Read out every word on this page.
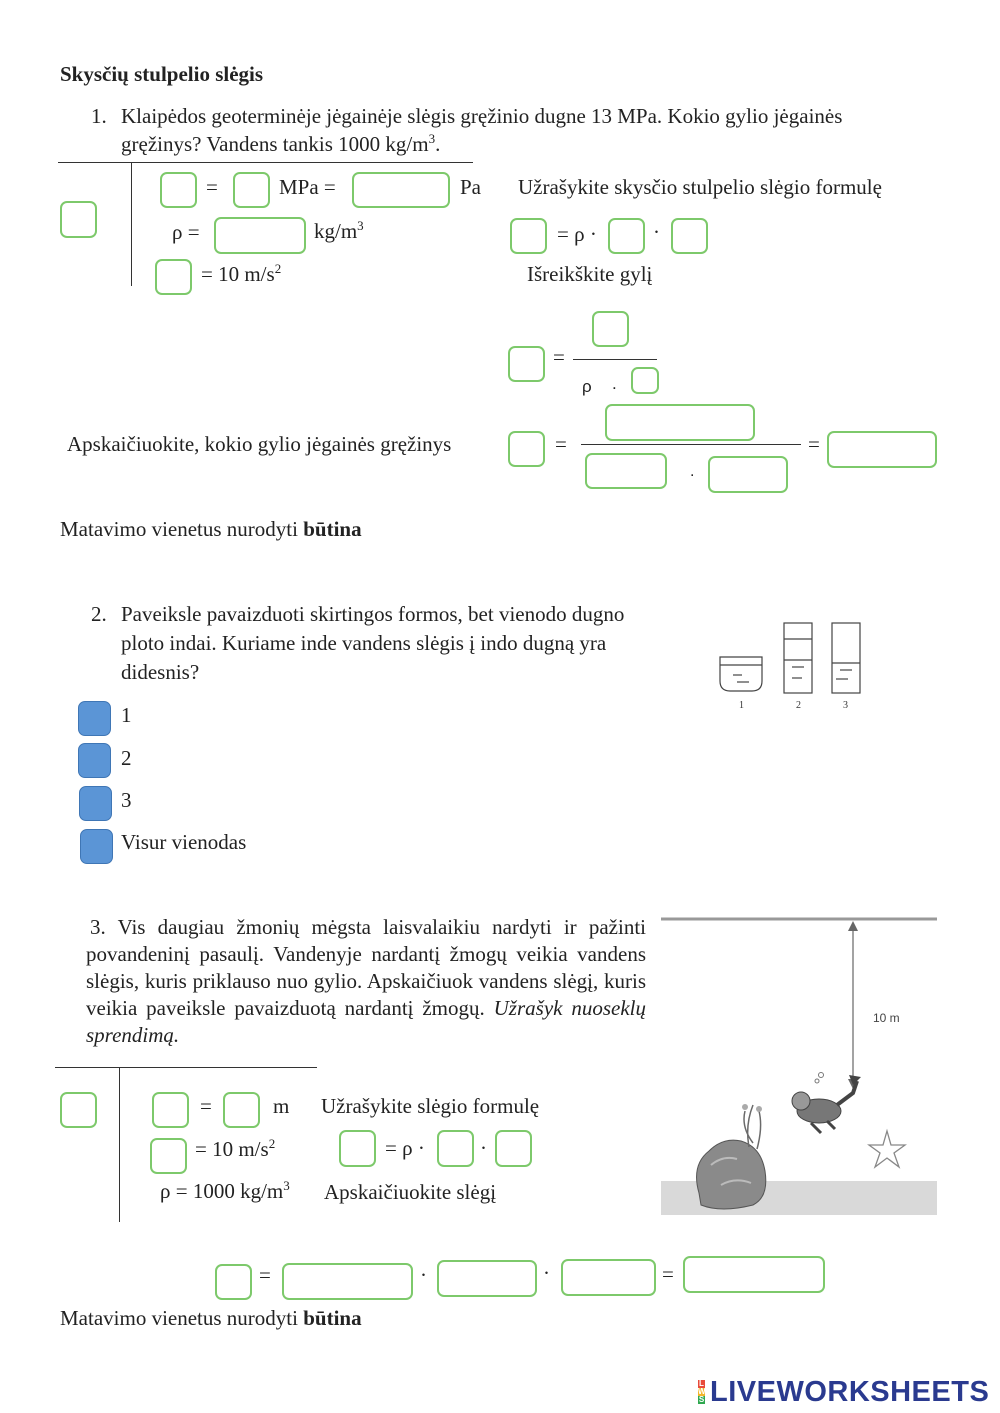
Skysčių stulpelio slėgis
1. Klaipėdos geoterminėje jėgainėje slėgis gręžinio dugne 13 MPa. Kokio gylio jėgainės
gręžinys? Vandens tankis 1000 $kg/m^3$.
=	MPa =	Pa
ρ =	$kg/m^3$
= 10 $m/s^2$
Užrašykite skysčio stulpelio slėgio formulę
= ρ ·	·
Išreikškite gylį
=
ρ .
Apskaičiuokite, kokio gylio jėgainės gręžinys	=
.
=
Matavimo vienetus nurodyti būtina
2. Paveiksle pavaizduoti skirtingos formos, bet vienodo dugno
ploto indai. Kuriame inde vandens slėgis į indo dugną yra
didesnis?
1
2
3
Visur vienodas
1	2	3
3. Vis daugiau žmonių mėgsta laisvalaikiu nardyti ir pažinti povandeninį pasaulį. Vandenyje nardantį žmogų veikia vandens slėgis, kuris priklauso nuo gylio. Apskaičiuok vandens slėgį, kuris veikia paveiksle pavaizduotą nardantį žmogų. Užrašyk nuoseklų sprendimą.
=	m Užrašykite slėgio formulę
= 10 $m/s^2$	= ρ ·	·
ρ = 1000 $kg/m^3$ Apskaičiuokite slėgį
10 m
=	·	·	=
Matavimo vienetus nurodyti būtina
L
W
S LIVEWORKSHEETS
